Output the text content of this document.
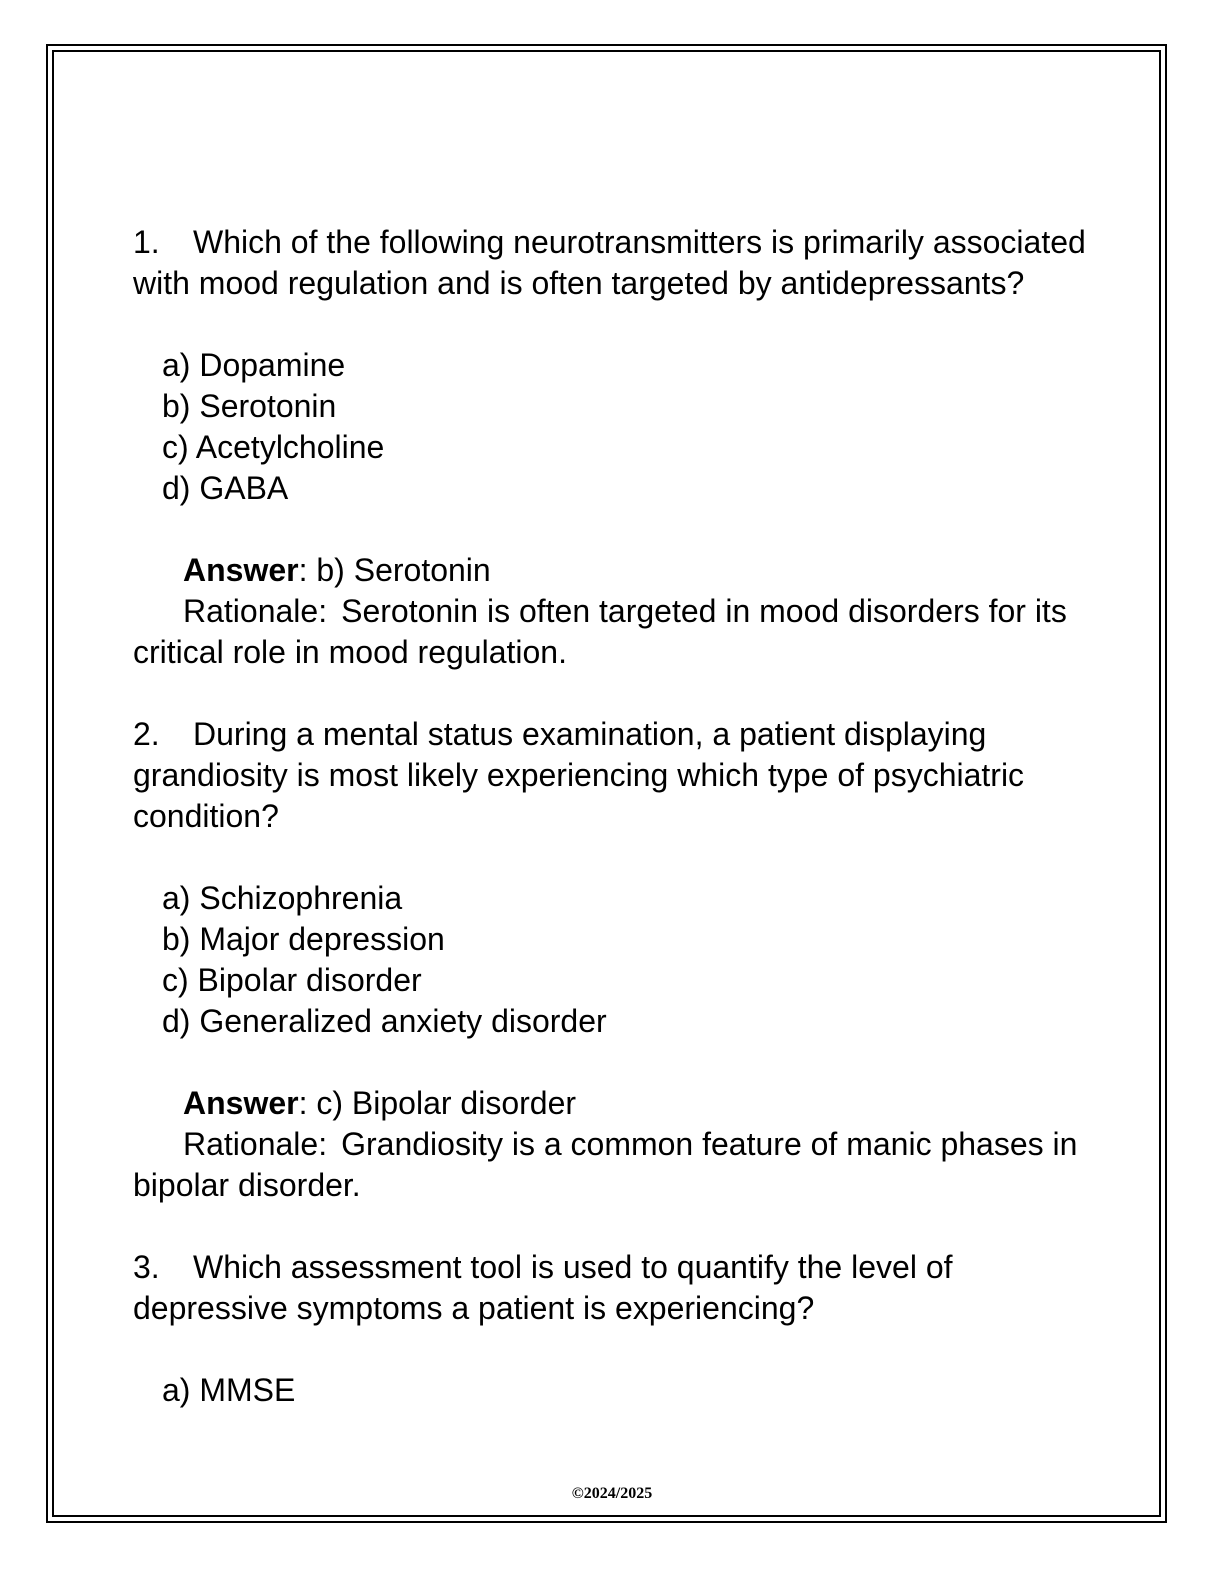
1. Which of the following neurotransmitters is primarily associated with mood regulation and is often targeted by antidepressants?

a) Dopamine
b) Serotonin
c) Acetylcholine
d) GABA
Answer: b) Serotonin

Rationale: Serotonin is often targeted in mood disorders for its critical role in mood regulation.

2. During a mental status examination, a patient displaying grandiosity is most likely experiencing which type of psychiatric condition?

a) Schizophrenia
b) Major depression
c) Bipolar disorder
d) Generalized anxiety disorder
Answer: c) Bipolar disorder

Rationale: Grandiosity is a common feature of manic phases in bipolar disorder.

3. Which assessment tool is used to quantify the level of depressive symptoms a patient is experiencing?

a) MMSE
©2024/2025
